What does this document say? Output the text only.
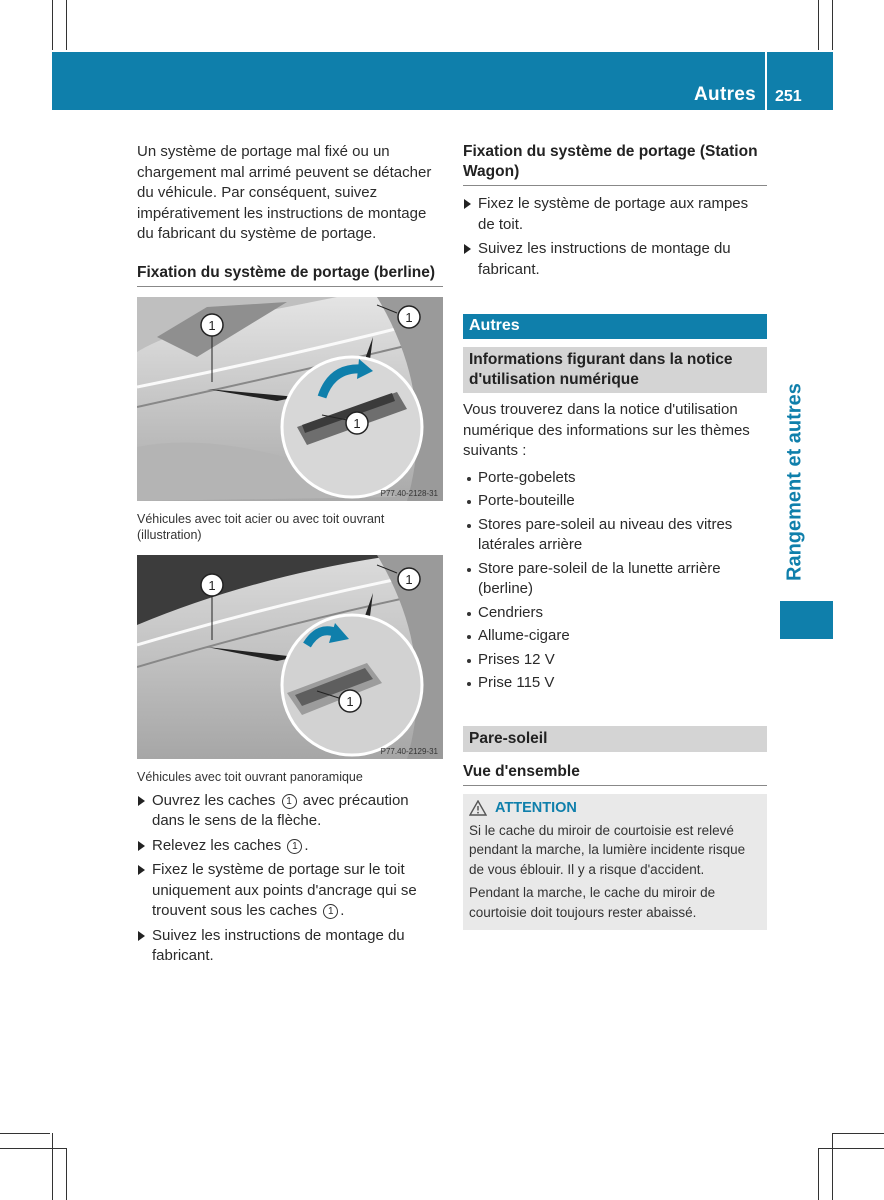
Autres 251
Rangement et autres

Un système de portage mal fixé ou un chargement mal arrimé peuvent se détacher du véhicule. Par conséquent, suivez impérativement les instructions de montage du fabricant du système de portage.

Fixation du système de portage (berline)
1
1
1
P77.40-2128-31

Véhicules avec toit acier ou avec toit ouvrant (illustration)

1	1
1
P77.40-2129-31

Véhicules avec toit ouvrant panoramique

Ouvrez les caches 1 avec précaution dans le sens de la flèche.
Relevez les caches 1 .
Fixez le système de portage sur le toit uniquement aux points d'ancrage qui se trouvent sous les caches 1 .
Suivez les instructions de montage du fabricant.
Fixation du système de portage (Station Wagon)
Fixez le système de portage aux rampes de toit.
Suivez les instructions de montage du fabricant.
Autres
Informations figurant dans la notice d'utilisation numérique

Vous trouverez dans la notice d'utilisation numérique des informations sur les thèmes suivants :

Porte-gobelets
Porte-bouteille
Stores pare-soleil au niveau des vitres latérales arrière
Store pare-soleil de la lunette arrière (berline)
Cendriers
Allume-cigare
Prises 12 V
Prise 115 V
Pare-soleil
Vue d'ensemble
ATTENTION

Si le cache du miroir de courtoisie est relevé pendant la marche, la lumière incidente risque de vous éblouir. Il y a risque d'accident.

Pendant la marche, le cache du miroir de courtoisie doit toujours rester abaissé.
